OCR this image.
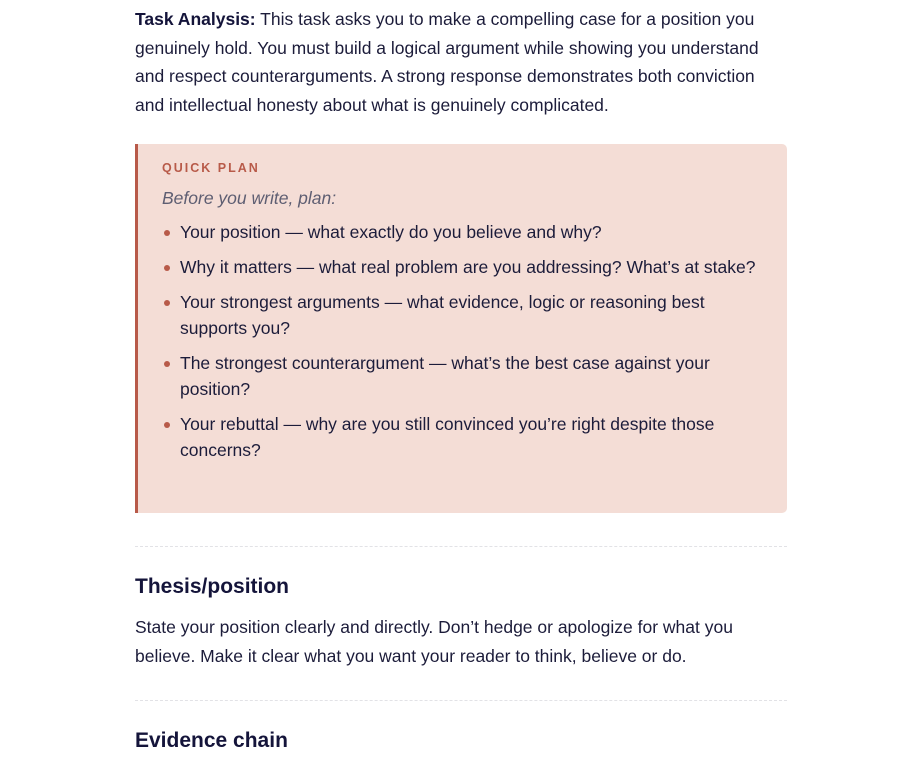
Task Analysis: This task asks you to make a compelling case for a position you genuinely hold. You must build a logical argument while showing you understand and respect counterarguments. A strong response demonstrates both conviction and intellectual honesty about what is genuinely complicated.

QUICK PLAN
Before you write, plan:
Your position — what exactly do you believe and why?
Why it matters — what real problem are you addressing? What’s at stake?
Your strongest arguments — what evidence, logic or reasoning best supports you?
The strongest counterargument — what’s the best case against your position?
Your rebuttal — why are you still convinced you’re right despite those concerns?
Thesis/position

State your position clearly and directly. Don’t hedge or apologize for what you believe. Make it clear what you want your reader to think, believe or do.

Evidence chain
